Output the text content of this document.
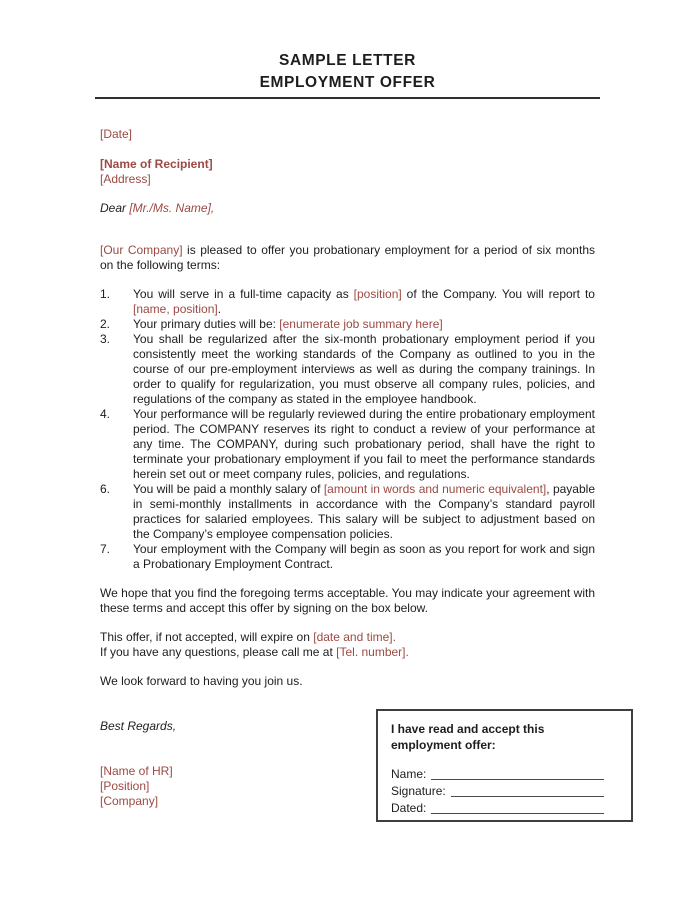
SAMPLE LETTER
EMPLOYMENT OFFER
[Date]
[Name of Recipient]
[Address]
Dear [Mr./Ms. Name],
[Our Company] is pleased to offer you probationary employment for a period of six months on the following terms:
1.	You will serve in a full-time capacity as [position] of the Company. You will report to [name, position].
2.	Your primary duties will be: [enumerate job summary here]
3.	You shall be regularized after the six-month probationary employment period if you consistently meet the working standards of the Company as outlined to you in the course of our pre-employment interviews as well as during the company trainings. In order to qualify for regularization, you must observe all company rules, policies, and regulations of the company as stated in the employee handbook.
4.	Your performance will be regularly reviewed during the entire probationary employment period. The COMPANY reserves its right to conduct a review of your performance at any time. The COMPANY, during such probationary period, shall have the right to terminate your probationary employment if you fail to meet the performance standards herein set out or meet company rules, policies, and regulations.
6.	You will be paid a monthly salary of [amount in words and numeric equivalent], payable in semi-monthly installments in accordance with the Company’s standard payroll practices for salaried employees. This salary will be subject to adjustment based on the Company’s employee compensation policies.
7.	Your employment with the Company will begin as soon as you report for work and sign a Probationary Employment Contract.
We hope that you find the foregoing terms acceptable. You may indicate your agreement with these terms and accept this offer by signing on the box below.
This offer, if not accepted, will expire on [date and time].
If you have any questions, please call me at [Tel. number].
We look forward to having you join us.
Best Regards,
[Name of HR]
[Position]
[Company]
I have read and accept this
employment offer:
Name:
Signature:
Dated:
